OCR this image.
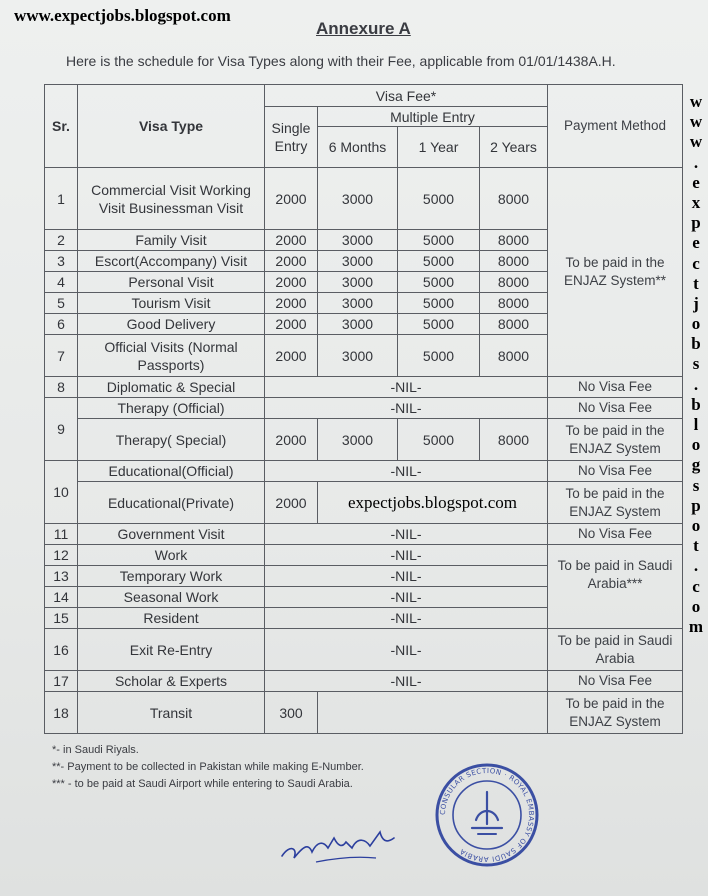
www.expectjobs.blogspot.com
Annexure A
Here is the schedule for Visa Types along with their Fee, applicable from 01/01/1438A.H.
w
w
w
.
e
x
p
e
c
t
j
o
b
s
.
b
l
o
g
s
p
o
t
.
c
o
m
Sr.	Visa Type	Visa Fee*				Payment Method
		Single Entry	Multiple Entry			
			6 Months	1 Year	2 Years	
1	Commercial Visit Working Visit Businessman Visit	2000	3000	5000	8000	To be paid in the ENJAZ System**
2	Family Visit	2000	3000	5000	8000	
3	Escort(Accompany) Visit	2000	3000	5000	8000	
4	Personal Visit	2000	3000	5000	8000	
5	Tourism Visit	2000	3000	5000	8000	
6	Good Delivery	2000	3000	5000	8000	
7	Official Visits (Normal Passports)	2000	3000	5000	8000	
8	Diplomatic & Special	-NIL-				No Visa Fee
9	Therapy (Official)	-NIL-				No Visa Fee
	Therapy( Special)	2000	3000	5000	8000	To be paid in the ENJAZ System
10	Educational(Official)	-NIL-				No Visa Fee
	Educational(Private)	2000	expectjobs.blogspot.com			To be paid in the ENJAZ System
11	Government Visit	-NIL-				No Visa Fee
12	Work	-NIL-				To be paid in Saudi Arabia***
13	Temporary Work	-NIL-				
14	Seasonal Work	-NIL-				
15	Resident	-NIL-				
16	Exit Re-Entry	-NIL-				To be paid in Saudi Arabia
17	Scholar & Experts	-NIL-				No Visa Fee
18	Transit	300				To be paid in the ENJAZ System
*- in Saudi Riyals.
**- Payment to be collected in Pakistan while making E-Number.
*** - to be paid at Saudi Airport while entering to Saudi Arabia.
CONSULAR SECTION · ROYAL EMBASSY OF SAUDI ARABIA
